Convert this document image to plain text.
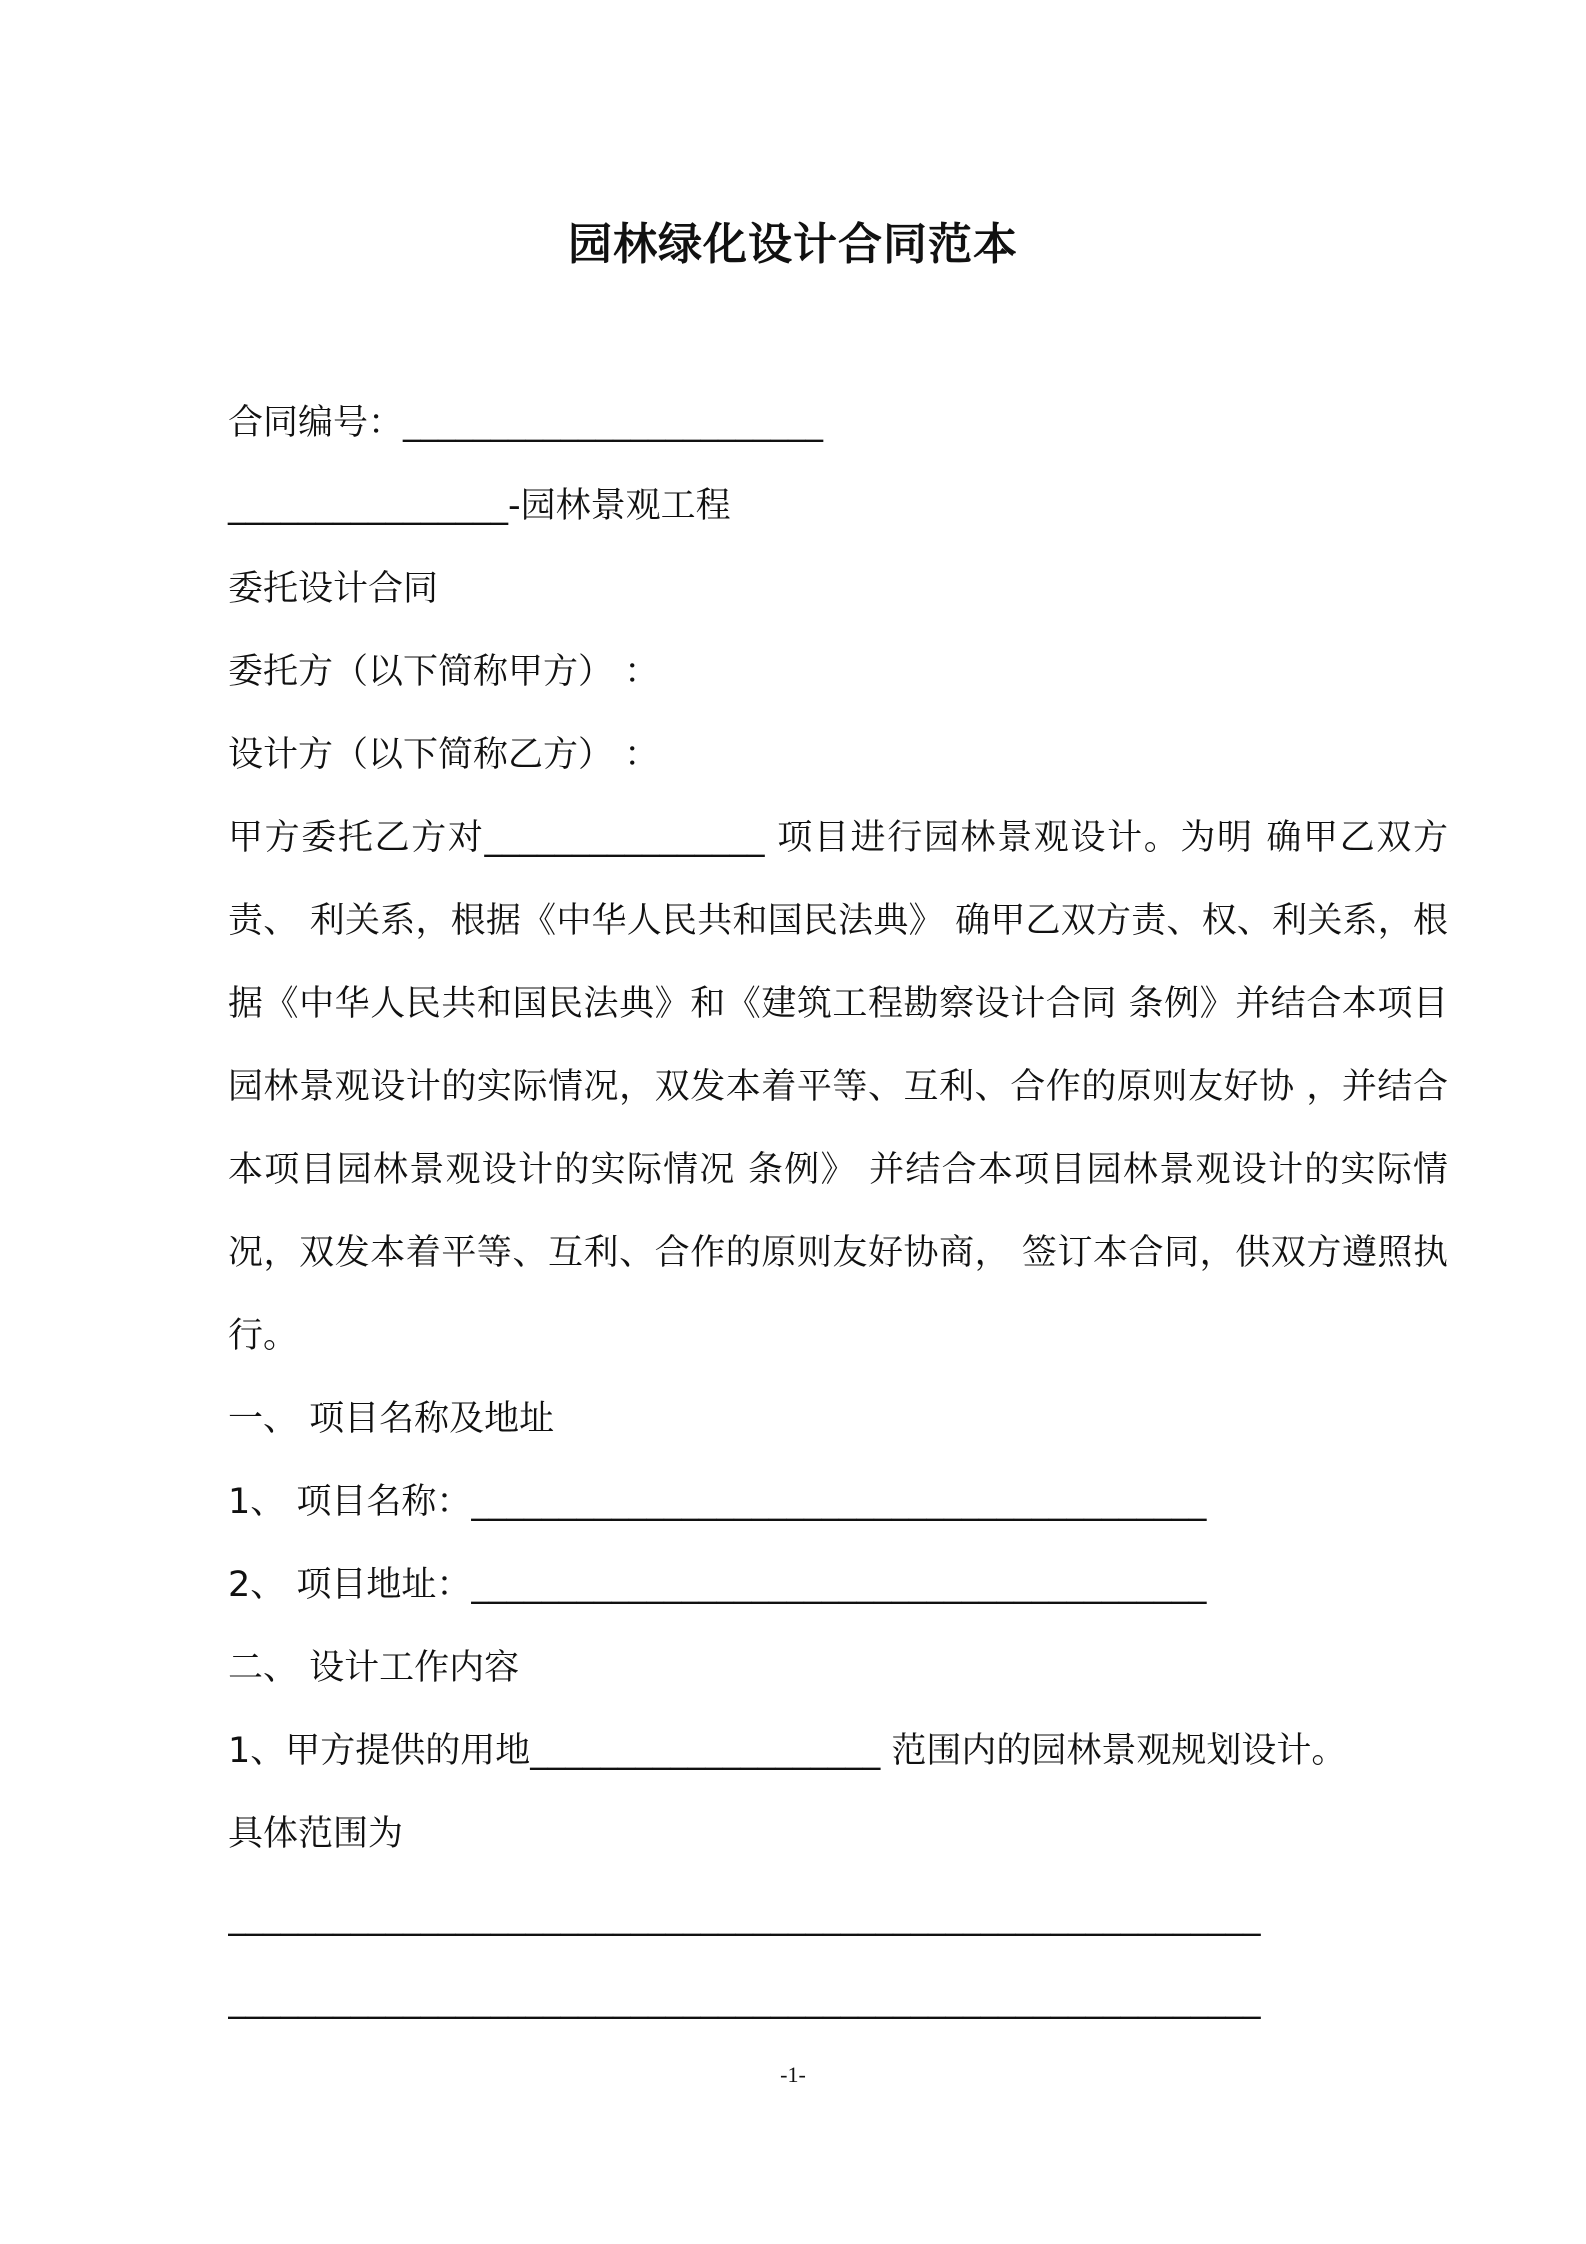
园林绿化设计合同范本
合同编号：________________________
________________-园林景观工程
委托设计合同
委托方（以下简称甲方） ：
设计方（以下简称乙方） ：
甲方委托乙方对________________ 项目进行园林景观设计。为明 确甲乙双方责、 利关系，根据《中华人民共和国民法典》 确甲乙双方责、权、利关系，根据《中华人民共和国民法典》和《建筑工程勘察设计合同 条例》并结合本项目园林景观设计的实际情况，双发本着平等、互利、合作的原则友好协 ，并结合本项目园林景观设计的实际情况 条例》 并结合本项目园林景观设计的实际情况，双发本着平等、互利、合作的原则友好协商， 签订本合同，供双方遵照执行。
一、 项目名称及地址
1、 项目名称：__________________________________________
2、 项目地址：__________________________________________
二、 设计工作内容
1、甲方提供的用地____________________ 范围内的园林景观规划设计。
具体范围为
___________________________________________________________
___________________________________________________________
-1-
